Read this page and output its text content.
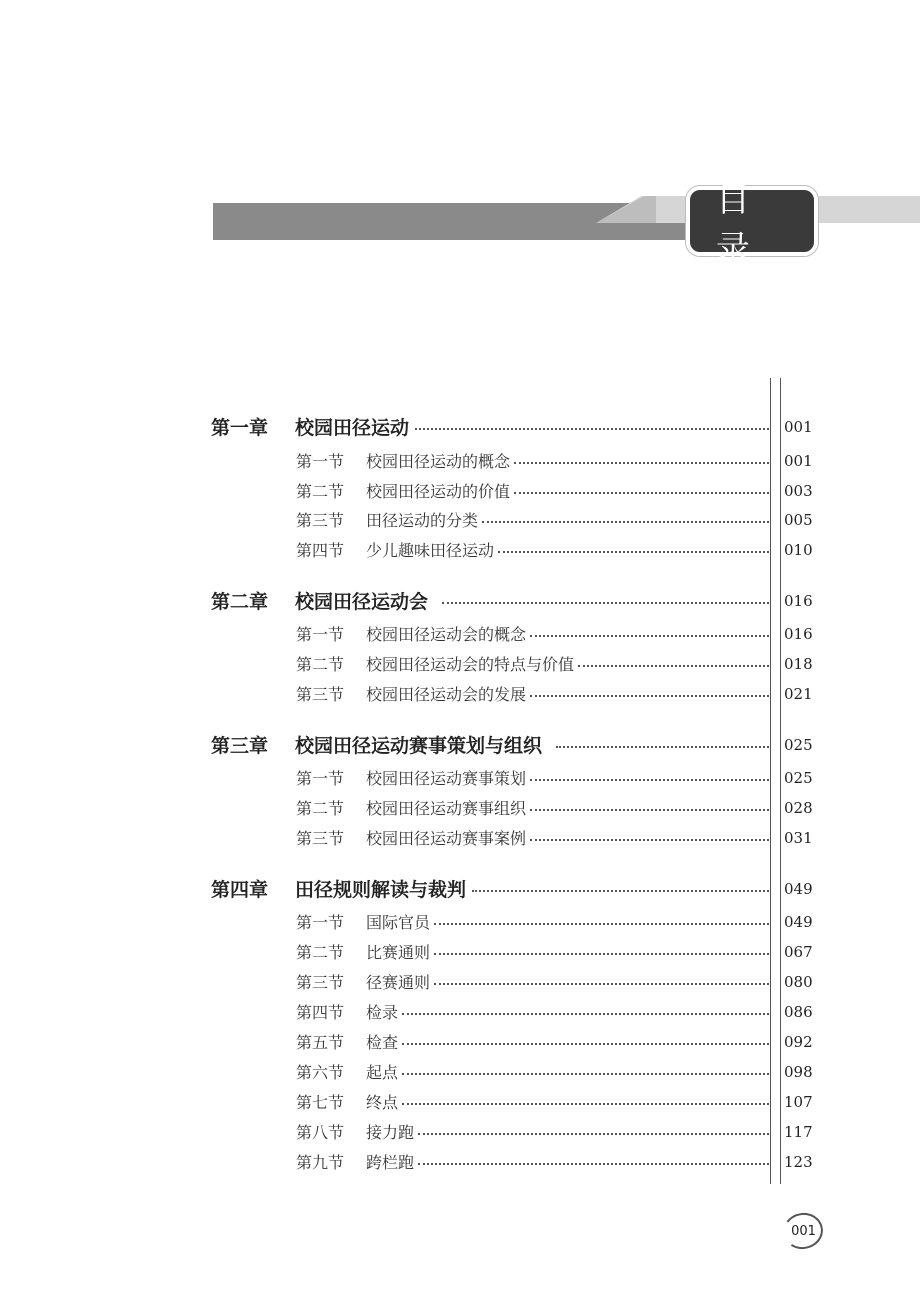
目 录
第一章	校园田径运动	001
第一节	校园田径运动的概念	001
第二节	校园田径运动的价值	003
第三节	田径运动的分类	005
第四节	少儿趣味田径运动	010
第二章	校园田径运动会	016
第一节	校园田径运动会的概念	016
第二节	校园田径运动会的特点与价值	018
第三节	校园田径运动会的发展	021
第三章	校园田径运动赛事策划与组织	025
第一节	校园田径运动赛事策划	025
第二节	校园田径运动赛事组织	028
第三节	校园田径运动赛事案例	031
第四章	田径规则解读与裁判	049
第一节	国际官员	049
第二节	比赛通则	067
第三节	径赛通则	080
第四节	检录	086
第五节	检查	092
第六节	起点	098
第七节	终点	107
第八节	接力跑	117
第九节	跨栏跑	123
001
